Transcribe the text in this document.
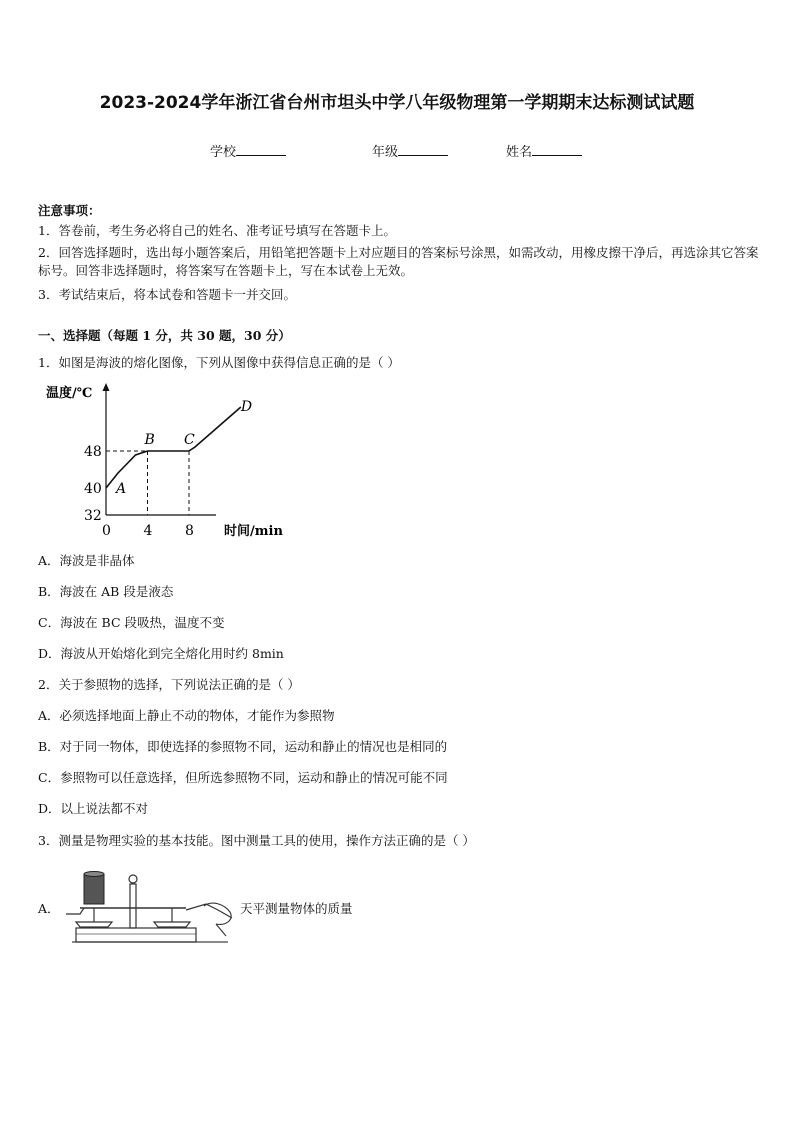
2023-2024学年浙江省台州市坦头中学八年级物理第一学期期末达标测试试题
学校	年级	姓名
注意事项：
1．答卷前，考生务必将自己的姓名、准考证号填写在答题卡上。
2．回答选择题时，选出每小题答案后，用铅笔把答题卡上对应题目的答案标号涂黑，如需改动，用橡皮擦干净后，再选涂其它答案标号。回答非选择题时，将答案写在答题卡上，写在本试卷上无效。
3．考试结束后，将本试卷和答题卡一并交回。
一、选择题（每题 1 分，共 30 题，30 分）
1．如图是海波的熔化图像，下列从图像中获得信息正确的是（ ）
温度/℃
时间/min
32
40
48
0 4 8
A
B C
D
A．海波是非晶体
B．海波在 AB 段是液态
C．海波在 BC 段吸热，温度不变
D．海波从开始熔化到完全熔化用时约 8min
2．关于参照物的选择，下列说法正确的是（ ）
A．必须选择地面上静止不动的物体，才能作为参照物
B．对于同一物体，即使选择的参照物不同，运动和静止的情况也是相同的
C．参照物可以任意选择，但所选参照物不同，运动和静止的情况可能不同
D．以上说法都不对
3．测量是物理实验的基本技能。图中测量工具的使用，操作方法正确的是（ ）
A．	天平测量物体的质量
